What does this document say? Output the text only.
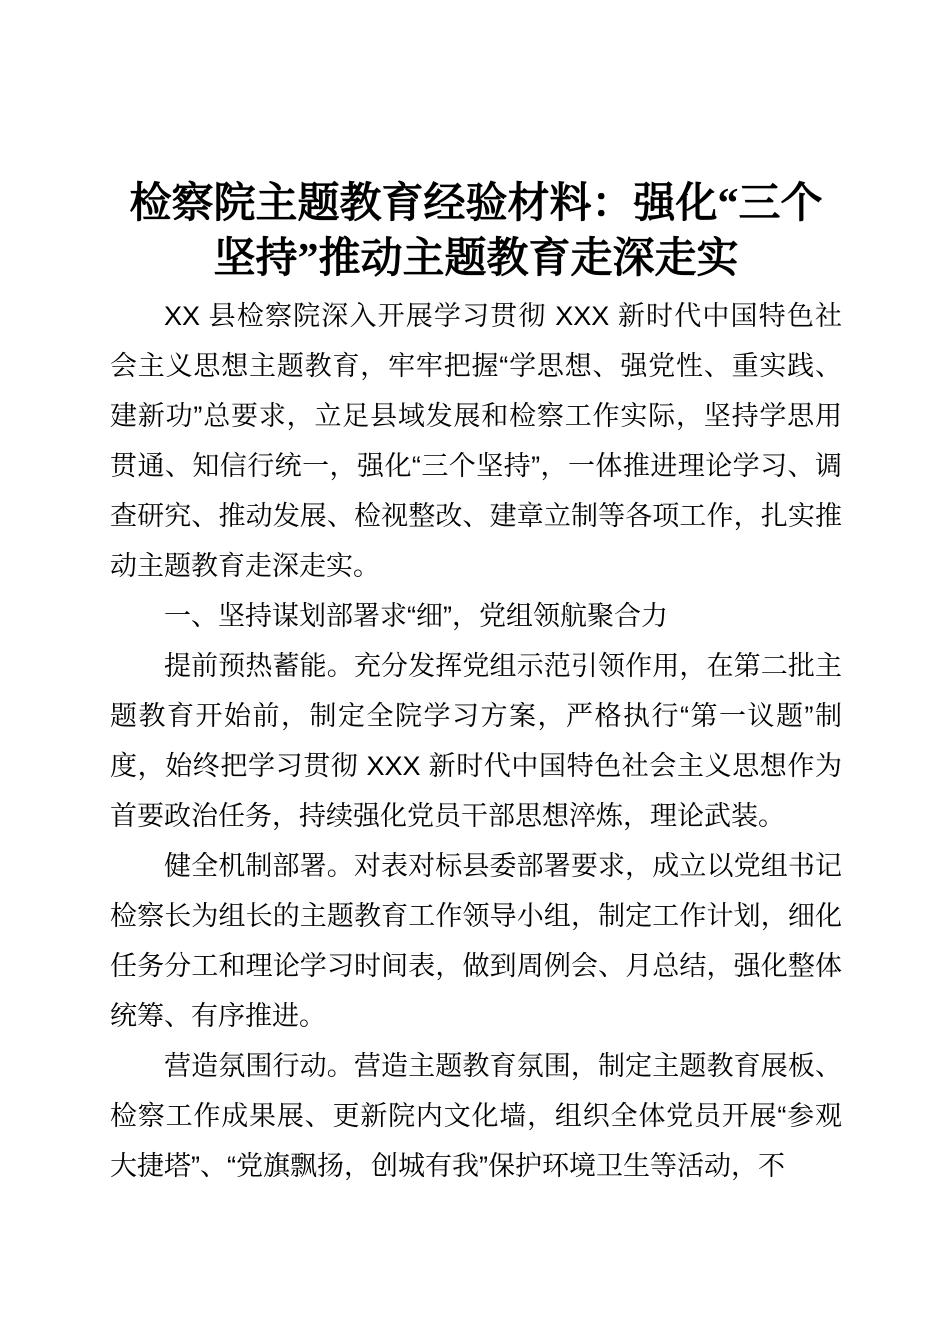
检察院主题教育经验材料：强化“三个坚持”推动主题教育走深走实

XX 县检察院深入开展学习贯彻 XXX 新时代中国特色社会主义思想主题教育，牢牢把握“学思想、强党性、重实践、建新功”总要求，立足县域发展和检察工作实际，坚持学思用贯通、知信行统一，强化“三个坚持”，一体推进理论学习、调查研究、推动发展、检视整改、建章立制等各项工作，扎实推动主题教育走深走实。

一、坚持谋划部署求“细”，党组领航聚合力

提前预热蓄能。充分发挥党组示范引领作用，在第二批主题教育开始前，制定全院学习方案，严格执行“第一议题”制度，始终把学习贯彻 XXX 新时代中国特色社会主义思想作为首要政治任务，持续强化党员干部思想淬炼，理论武装。

健全机制部署。对表对标县委部署要求，成立以党组书记检察长为组长的主题教育工作领导小组，制定工作计划，细化任务分工和理论学习时间表，做到周例会、月总结，强化整体统筹、有序推进。

营造氛围行动。营造主题教育氛围，制定主题教育展板、检察工作成果展、更新院内文化墙，组织全体党员开展“参观大捷塔”、“党旗飘扬，创城有我”保护环境卫生等活动，不
